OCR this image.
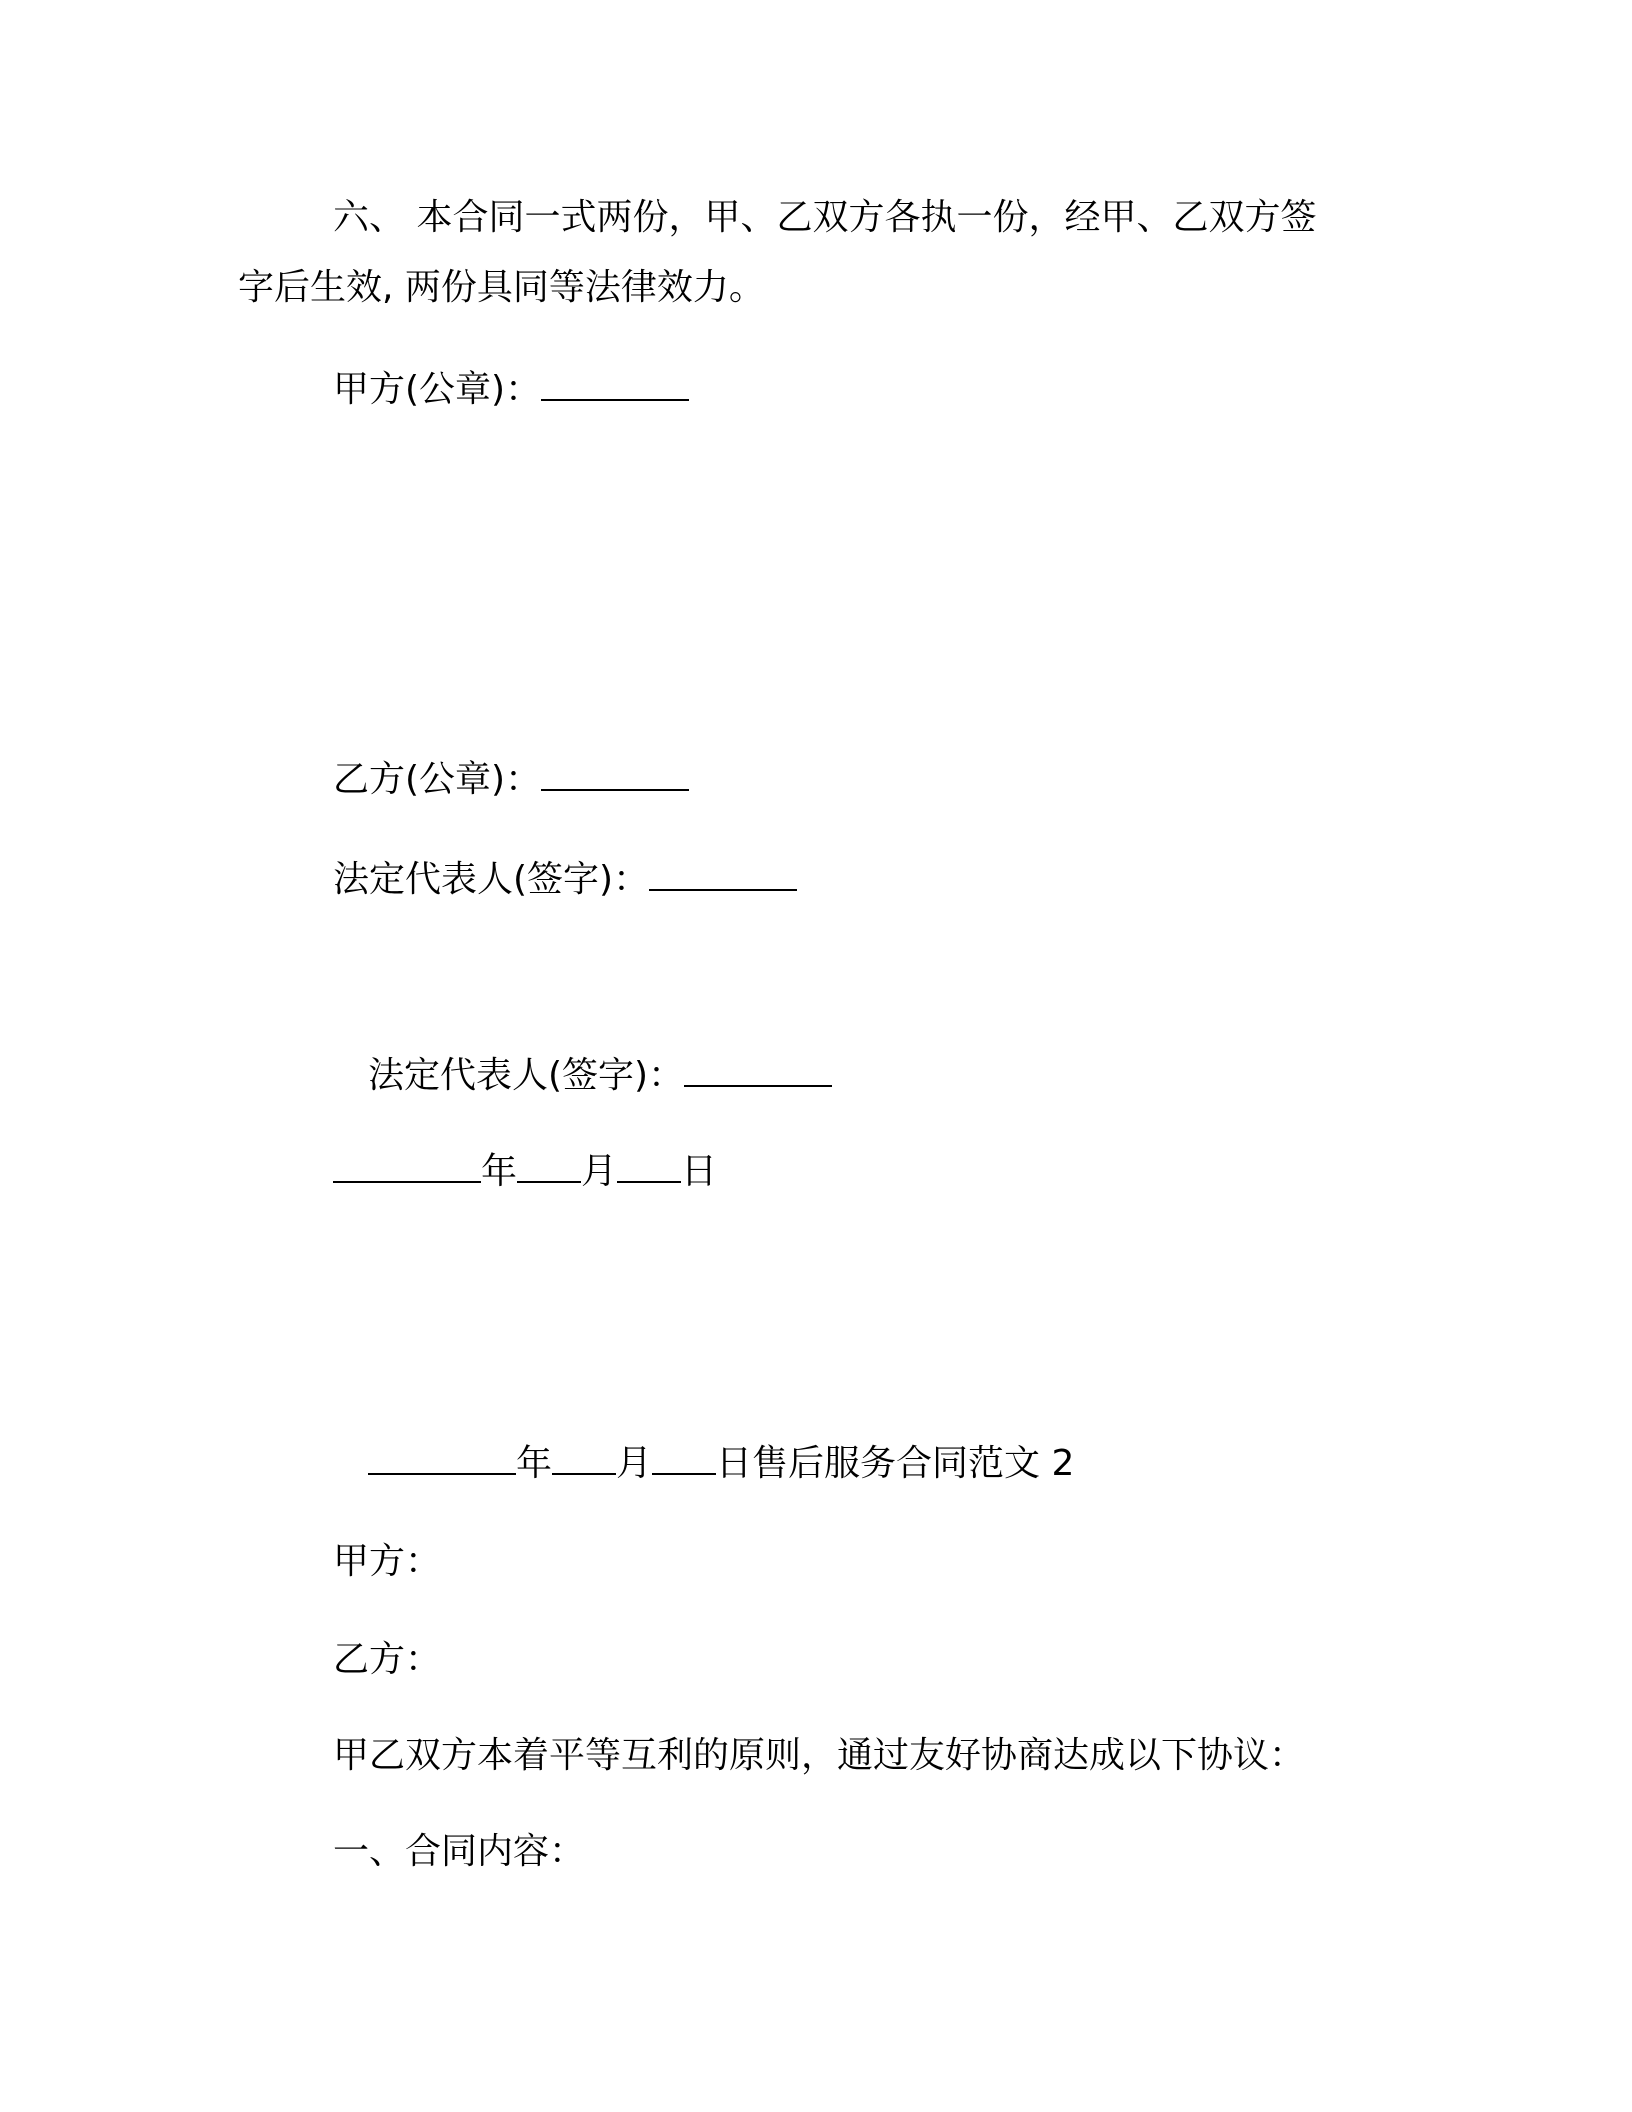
六、 本合同一式两份，甲、乙双方各执一份，经甲、乙双方签
字后生效, 两份具同等法律效力。
甲方(公章)：
乙方(公章)：
法定代表人(签字)：
法定代表人(签字)：
年 月 日
年 月 日售后服务合同范文 2
甲方：
乙方：
甲乙双方本着平等互利的原则，通过友好协商达成以下协议：
一、合同内容：
